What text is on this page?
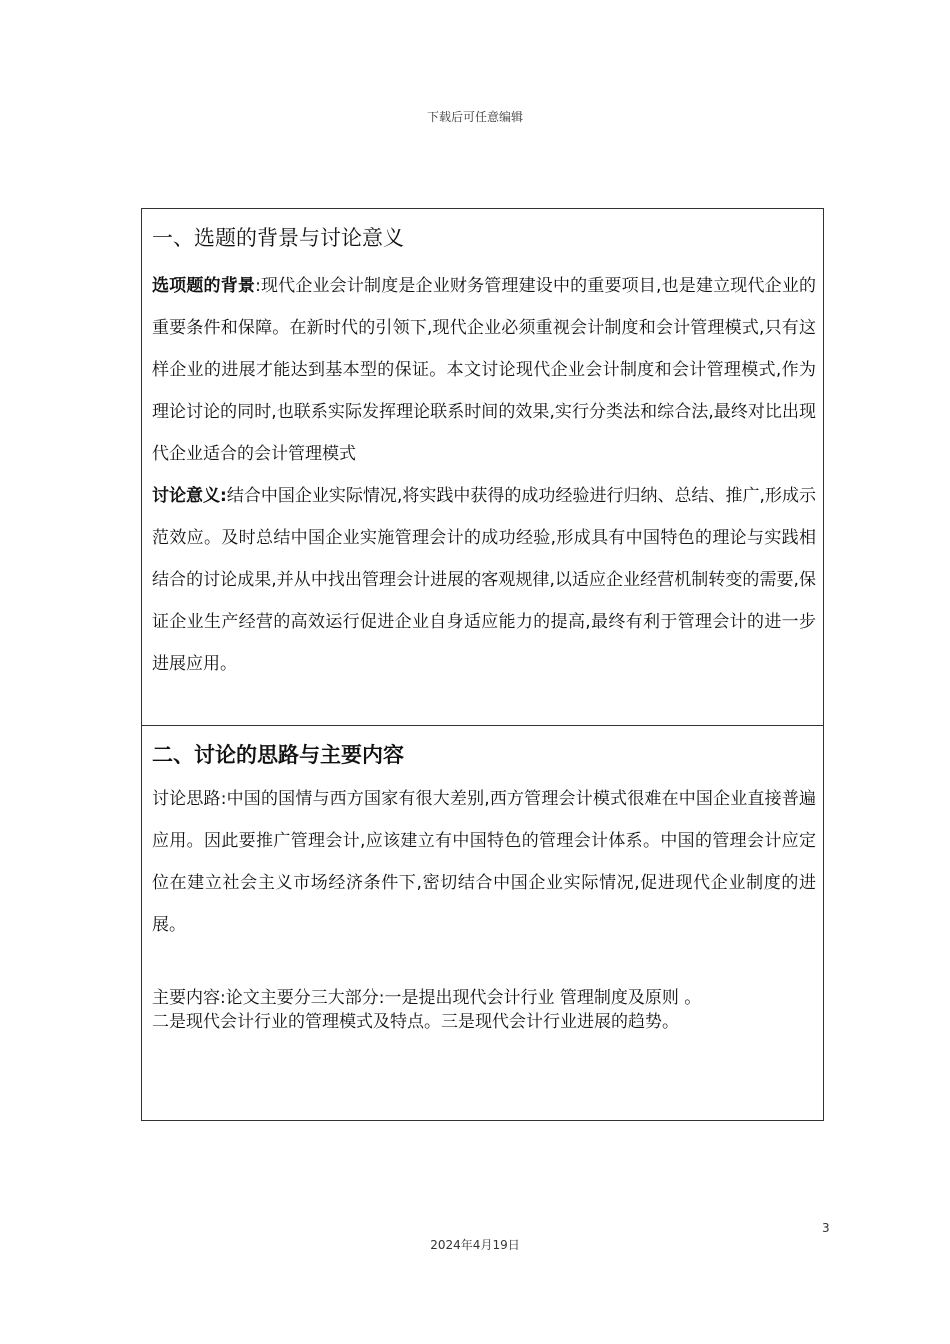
下载后可任意编辑
一、选题的背景与讨论意义
选项题的背景:现代企业会计制度是企业财务管理建设中的重要项目,也是建立现代企业的重要条件和保障。在新时代的引领下,现代企业必须重视会计制度和会计管理模式,只有这样企业的进展才能达到基本型的保证。本文讨论现代企业会计制度和会计管理模式,作为理论讨论的同时,也联系实际发挥理论联系时间的效果,实行分类法和综合法,最终对比出现代企业适合的会计管理模式
讨论意义:结合中国企业实际情况,将实践中获得的成功经验进行归纳、总结、推广,形成示范效应。及时总结中国企业实施管理会计的成功经验,形成具有中国特色的理论与实践相结合的讨论成果,并从中找出管理会计进展的客观规律,以适应企业经营机制转变的需要,保证企业生产经营的高效运行促进企业自身适应能力的提高,最终有利于管理会计的进一步进展应用。
二、讨论的思路与主要内容
讨论思路:中国的国情与西方国家有很大差别,西方管理会计模式很难在中国企业直接普遍应用。因此要推广管理会计,应该建立有中国特色的管理会计体系。中国的管理会计应定位在建立社会主义市场经济条件下,密切结合中国企业实际情况,促进现代企业制度的进展。
主要内容:论文主要分三大部分:一是提出现代会计行业 管理制度及原则 。
二是现代会计行业的管理模式及特点。三是现代会计行业进展的趋势。
3
2024年4月19日
